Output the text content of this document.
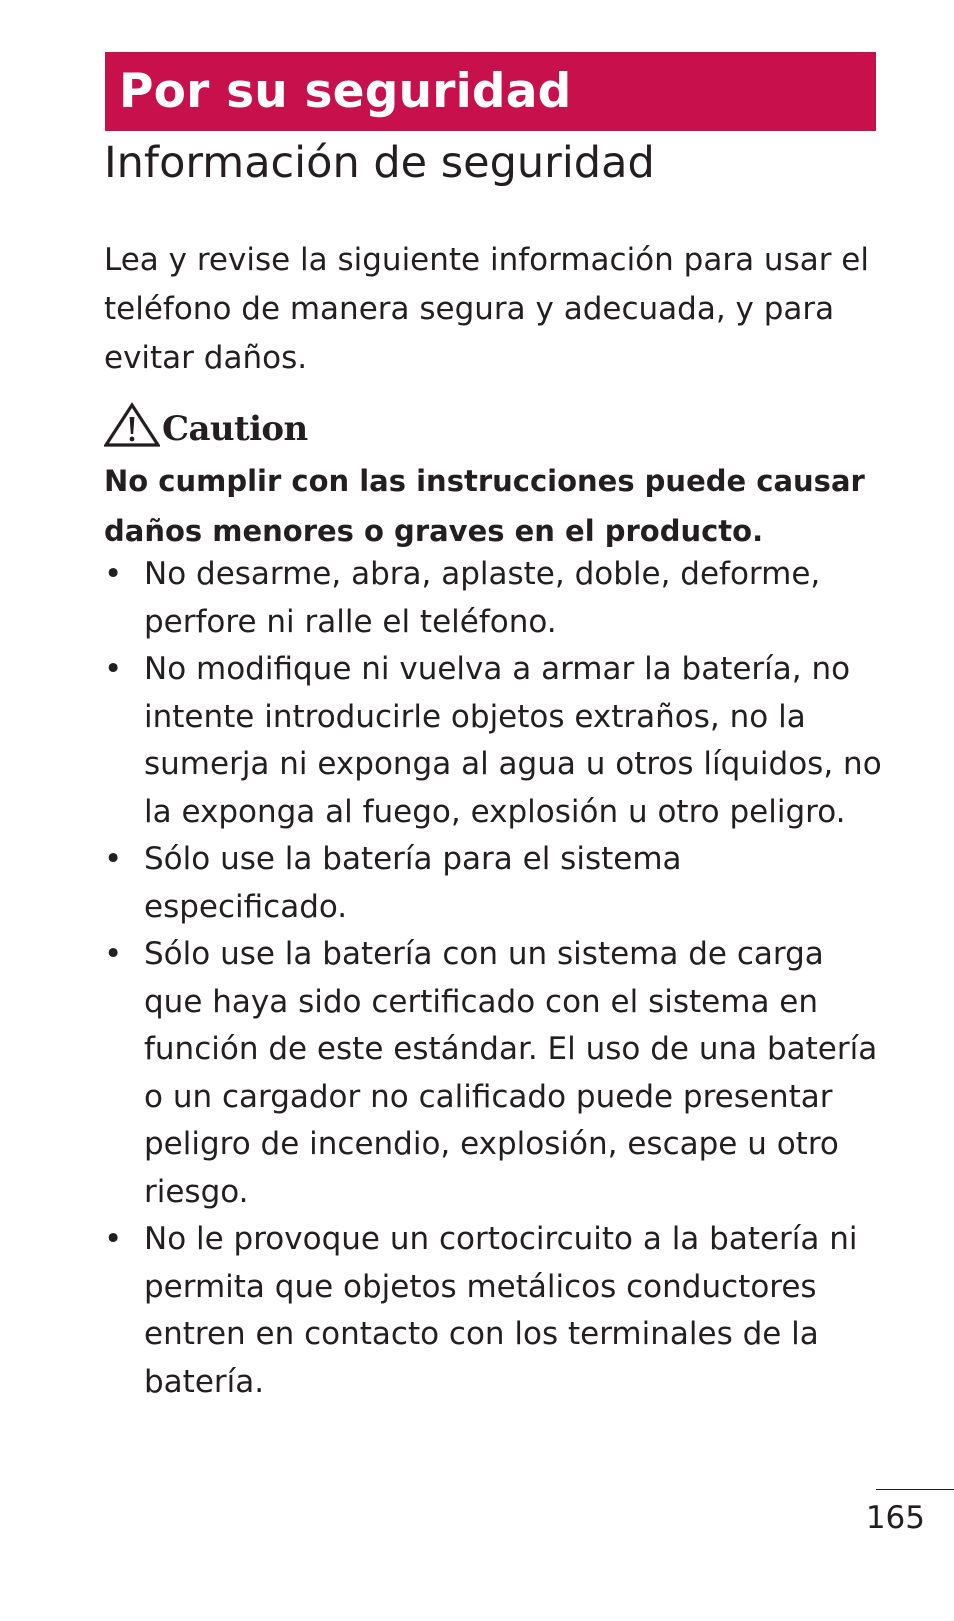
Por su seguridad
Información de seguridad

Lea y revise la siguiente información para usar el teléfono de manera segura y adecuada, y para evitar daños.

Caution

No cumplir con las instrucciones puede causar daños menores o graves en el producto.

• No desarme, abra, aplaste, doble, deforme, perfore ni ralle el teléfono.
• No modifique ni vuelva a armar la batería, no intente introducirle objetos extraños, no la sumerja ni exponga al agua u otros líquidos, no la exponga al fuego, explosión u otro peligro.
• Sólo use la batería para el sistema especificado.
• Sólo use la batería con un sistema de carga que haya sido certificado con el sistema en función de este estándar. El uso de una batería o un cargador no calificado puede presentar peligro de incendio, explosión, escape u otro riesgo.
• No le provoque un cortocircuito a la batería ni permita que objetos metálicos conductores entren en contacto con los terminales de la batería.
165
